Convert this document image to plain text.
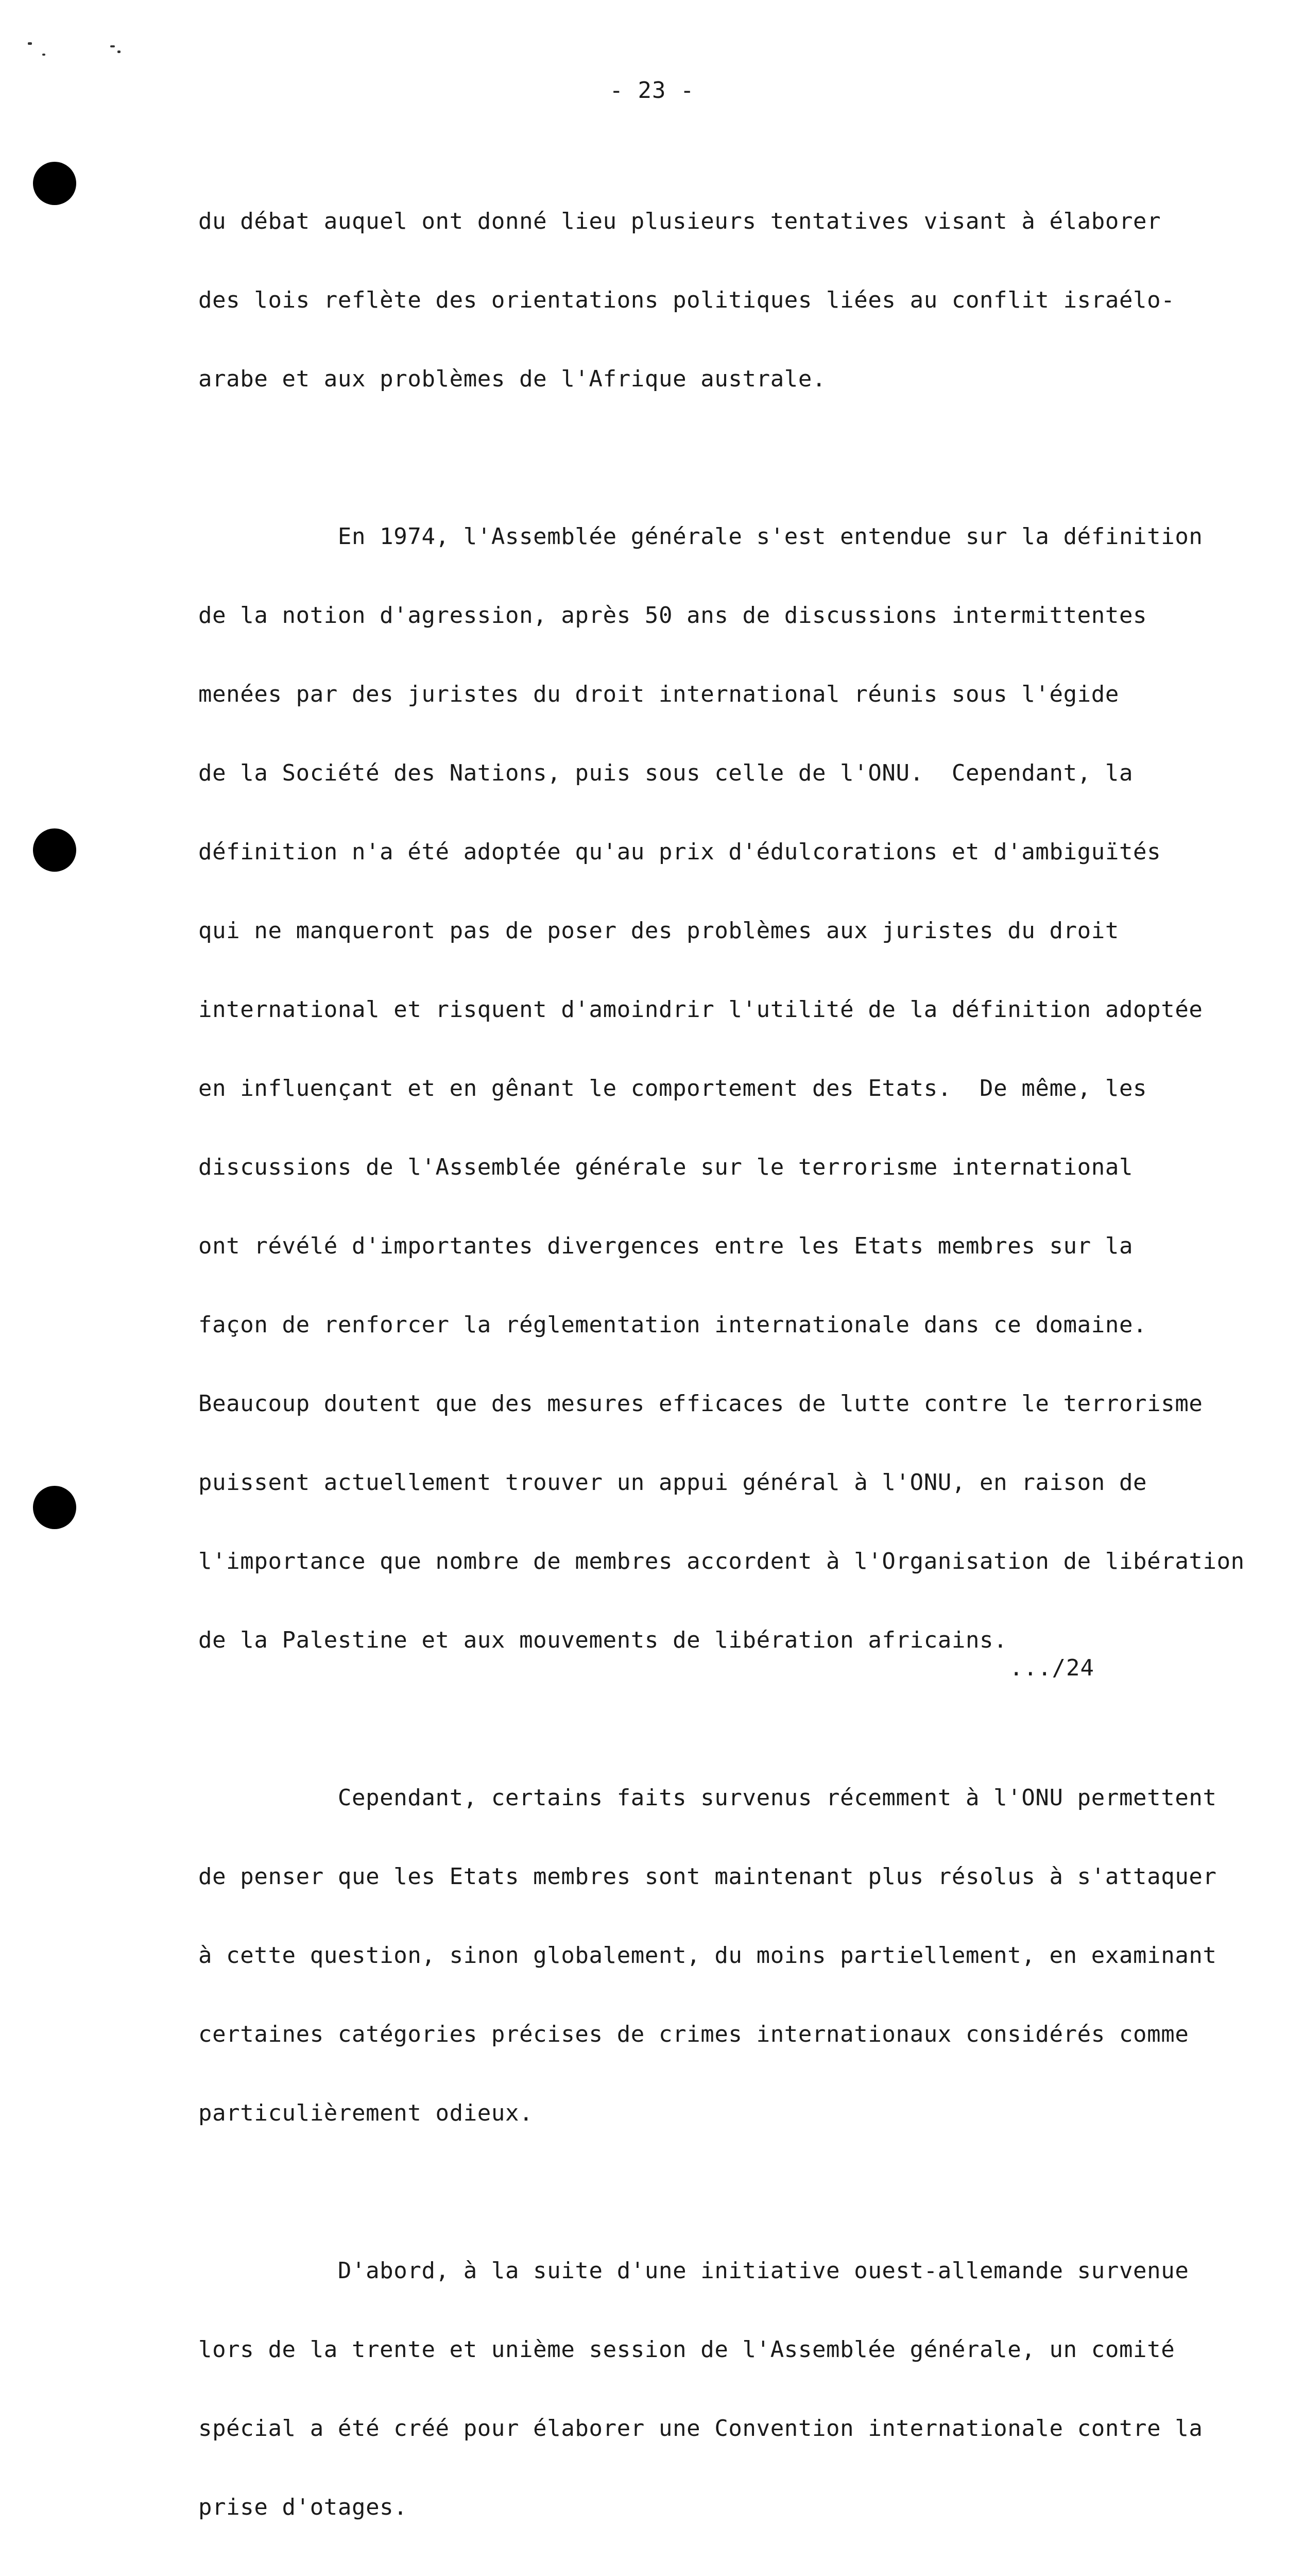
- 23 -

du débat auquel ont donné lieu plusieurs tentatives visant à élaborer

des lois reflète des orientations politiques liées au conflit israélo-

arabe et aux problèmes de l'Afrique australe.

En 1974, l'Assemblée générale s'est entendue sur la définition

de la notion d'agression, après 50 ans de discussions intermittentes

menées par des juristes du droit international réunis sous l'égide

de la Société des Nations, puis sous celle de l'ONU.  Cependant, la

définition n'a été adoptée qu'au prix d'édulcorations et d'ambiguïtés

qui ne manqueront pas de poser des problèmes aux juristes du droit

international et risquent d'amoindrir l'utilité de la définition adoptée

en influençant et en gênant le comportement des Etats.  De même, les

discussions de l'Assemblée générale sur le terrorisme international

ont révélé d'importantes divergences entre les Etats membres sur la

façon de renforcer la réglementation internationale dans ce domaine.

Beaucoup doutent que des mesures efficaces de lutte contre le terrorisme

puissent actuellement trouver un appui général à l'ONU, en raison de

l'importance que nombre de membres accordent à l'Organisation de libération

de la Palestine et aux mouvements de libération africains.

Cependant, certains faits survenus récemment à l'ONU permettent

de penser que les Etats membres sont maintenant plus résolus à s'attaquer

à cette question, sinon globalement, du moins partiellement, en examinant

certaines catégories précises de crimes internationaux considérés comme

particulièrement odieux.

D'abord, à la suite d'une initiative ouest-allemande survenue

lors de la trente et unième session de l'Assemblée générale, un comité

spécial a été créé pour élaborer une Convention internationale contre la

prise d'otages.

.../24
